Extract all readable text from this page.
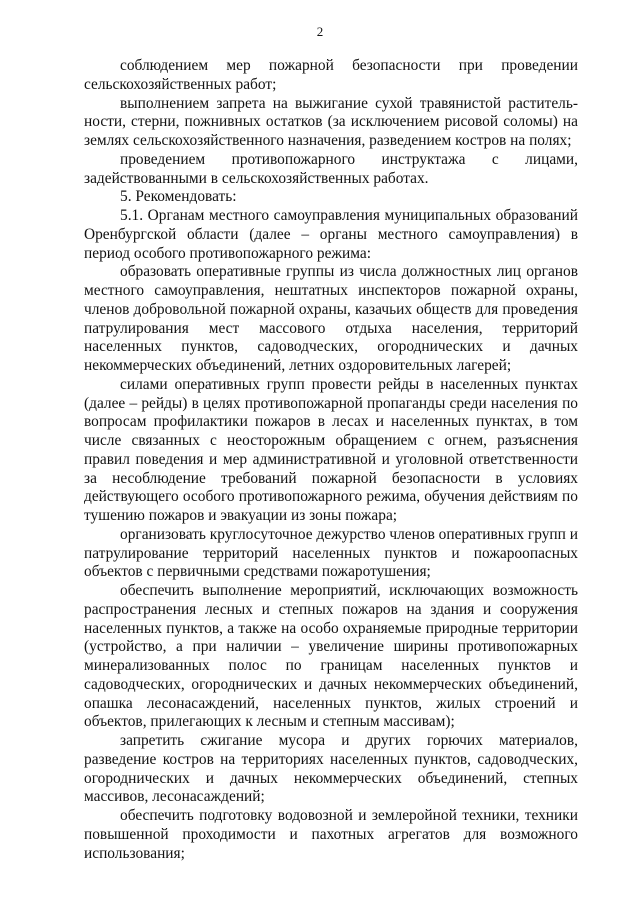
2

соблюдением мер пожарной безопасности при проведении сельскохозяйственных работ;

выполнением запрета на выжигание сухой травянистой растительности, стерни, пожнивных остатков (за исключением рисовой соломы) на землях сельскохозяйственного назначения, разведением костров на полях;

проведением противопожарного инструктажа с лицами, задействованными в сельскохозяйственных работах.

5. Рекомендовать:

5.1. Органам местного самоуправления муниципальных образований Оренбургской области (далее – органы местного самоуправления) в период особого противопожарного режима:

образовать оперативные группы из числа должностных лиц органов местного самоуправления, нештатных инспекторов пожарной охраны, членов добровольной пожарной охраны, казачьих обществ для проведения патрулирования мест массового отдыха населения, территорий населенных пунктов, садоводческих, огороднических и дачных некоммерческих объединений, летних оздоровительных лагерей;

силами оперативных групп провести рейды в населенных пунктах (далее – рейды) в целях противопожарной пропаганды среди населения по вопросам профилактики пожаров в лесах и населенных пунктах, в том числе связанных с неосторожным обращением с огнем, разъяснения правил поведения и мер административной и уголовной ответственности за несоблюдение требований пожарной безопасности в условиях действующего особого противопожарного режима, обучения действиям по тушению пожаров и эвакуации из зоны пожара;

организовать круглосуточное дежурство членов оперативных групп и патрулирование территорий населенных пунктов и пожароопасных объектов с первичными средствами пожаротушения;

обеспечить выполнение мероприятий, исключающих возможность распространения лесных и степных пожаров на здания и сооружения населенных пунктов, а также на особо охраняемые природные территории (устройство, а при наличии – увеличение ширины противопожарных минерализованных полос по границам населенных пунктов и садоводческих, огороднических и дачных некоммерческих объединений, опашка лесонасаждений, населенных пунктов, жилых строений и объектов, прилегающих к лесным и степным массивам);

запретить сжигание мусора и других горючих материалов, разведение костров на территориях населенных пунктов, садоводческих, огороднических и дачных некоммерческих объединений, степных массивов, лесонасаждений;

обеспечить подготовку водовозной и землеройной техники, техники повышенной проходимости и пахотных агрегатов для возможного использования;
